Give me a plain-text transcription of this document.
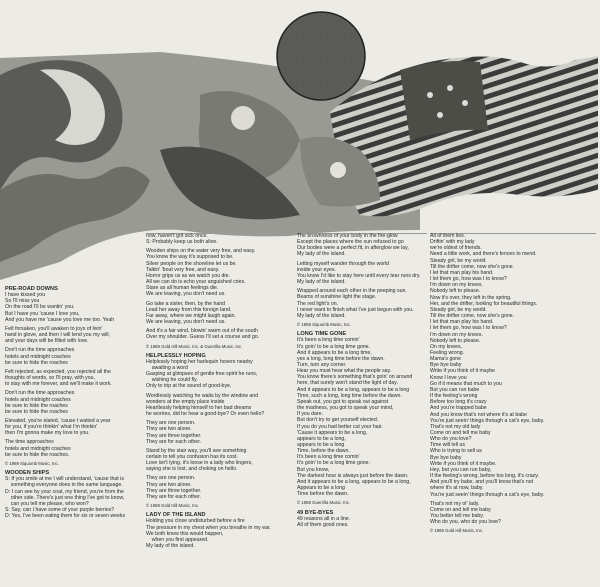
PRE-ROAD DOWNS

I have kissed you
So I'll miss you
On the road I'll be wantin' you.
But I have you 'cause I love you,
And you have me 'cause you love me too. Yeah

Felt forsaken, you'll awaken to joys of livin'
hand in glove, and then I will lend you my will,
and your days will be filled with love.

Don't run the time approaches
hotels and midnight coaches
be sure to hide the roaches

Felt rejected, as expected, you rejected all the
thoughts of words, so I'll pray, with you,
to stay with me forever, and we'll make it work.

Don't run the time approaches
hotels and midnight coaches
be sure to hide the roaches
be sure to hide the roaches

Elevated, you're elated, 'cause I waited a year
for you, if you're thinkin' what I'm thinkin'
then I'm gonna make my love to you.

The time approaches
hotels and midnight coaches
be sure to hide the roaches.

© 1969 Siquomb Music, Inc.
WOODEN SHIPS

S: If you smile at me I will understand, 'cause that is
something everyone does in the same language.
D: I can see by your coat, my friend, you're from the
other side. There's just one thing I've got to know,
can you tell me please, who won?
S: Say, can I have some of your purple berries?
D: Yes, I've been eating them for six or seven weeks

now, haven't got sick once.
S: Probably keep us both alive.

Wooden ships on the water very free, and easy.
You know the way it's supposed to be.
Silver people on the shoreline let us be.
Talkin' 'bout very free, and easy.
Horror grips us as we watch you die.
All we can do is echo your anguished cries.
Stare as all human feelings die.
We are leaving, you don't need us.

Go take a sister, then, by the hand
Lead her away from this foreign land.
Far away, where we might laugh again.
We are leaving, you don't need us.

And it's a fair wind, blowin' warm out of the south
Over my shoulder. Guess I'll set a course and go.

© 1969 Gold Hill Music, Inc. & Guerrilla Music, Inc.
HELPLESSLY HOPING

Helplessly hoping her harlequin hovers nearby
awaiting a word
Gasping at glimpses of gentle free spirit he runs,
wishing he could fly.
Only to trip at the sound of good-bye.

Wordlessly watching he waits by the window and
wonders at the empty place inside
Heartlessly helping himself to her bad dreams
he worries, did he hear a good-bye? Or even hello?

They are one person.
They are two alone.
They are three together.
They are for each other.

Stand by the stair way, you'll see something
certain to tell you confusion has its cost.
Love isn't lying, it's loose in a lady who lingers,
saying she is lost, and choking on hello.

They are one person.
They are two alone.
They are three together.
They are for each other.

© 1969 Gold Hill Music, Inc.
LADY OF THE ISLAND

Holding you close undisturbed before a fire
The pressure in my chest when you breathe in my ear.
We both knew this would happen,
when you first appeared.
My lady of the island.

The brownness of your body in the fire-glow
Except the places where the sun refused to go
Our bodies were a perfect fit, in afterglow we lay,
My lady of the island.

Letting myself wander through the world
inside your eyes.
You know I'd like to stay here until every tear runs dry.
My lady of the island.

Wrapped around each other in the peeping sun.
Beams of sunshine light the stage.
The red light's on.
I never want to finish what I've just begun with you.
My lady of the island.

© 1969 Siquomb Music, Inc.
LONG TIME GONE

It's been a long time comin'
It's goin' to be a long time gone.
And it appears to be a long time,
yes a long, long time before the dawn.
Turn, turn any corner.
Hear you must hear what the people say.
You know there's something that's goin' on around
here, that surely won't stand the light of day.
And it appears to be a long, appears to be a long
Time, such a long, long time before the dawn.
Speak out, you got to speak out against
the madness, you got to speak your mind,
If you dare.
But don't try to get yourself elected.
If you do you had better cut your hair.
'Cause it appears to be a long,
appears to be a long,
appears to be a long
Time, before the dawn.
It's been a long time comin'
It's goin' to be a long time gone.
But you know,
The darkest hour is always just before the dawn.
And it appears to be a long, appears to be a long,
Appears to be a long
Time before the dawn.

© 1969 Guerrilla Music, Inc.
49 BYE-BYES

49 reasons all in a line.
All of them good ones.

All of them lies.
Driftin' with my lady
we're oldest of friends.
Need a little work, and there's fences to mend.
Steady girl, be my world.
Till the drifter come, now she's gone.
I let that man play his hand.
I let them go, how was I to know?
I'm down on my knees.
Nobody left to please.
Now it's over, they left in the spring.
Her, and the drifter, looking for beautiful things.
Steady girl, be my world.
Till the drifter come, now she's gone.
I let that man play his hand.
I let them go, how was I to know?
I'm down on my knees.
Nobody left to please.
On my knees,
Feeling wrong.
Mama's gone
Bye bye baby
Write if you think of it maybe
Know I love you
Go if it means that much to you
But you can run babe
If the feeling's wrong
Before too long it's crazy
And you're trapped babe
And you know that's not where it's at babe
You're just seein' things through a cat's eye, baby.
That's not my old lady
Come on and tell me baby
Who do you love?
Time will tell us
Who is trying to sell us
Bye bye baby
Write if you think of it maybe.
Hey, but you can run baby,
If the feeling's wrong, before too long, it's crazy.
And you'll try babe, and you'll know that's not
where it's at now, baby.
You're just seein' things through a cat's eye, baby.

That's not my ol' lady.
Come on and tell me baby.
You better tell me baby.
Who do you, who do you love?

© 1969 Gold Hill Music, Inc.
